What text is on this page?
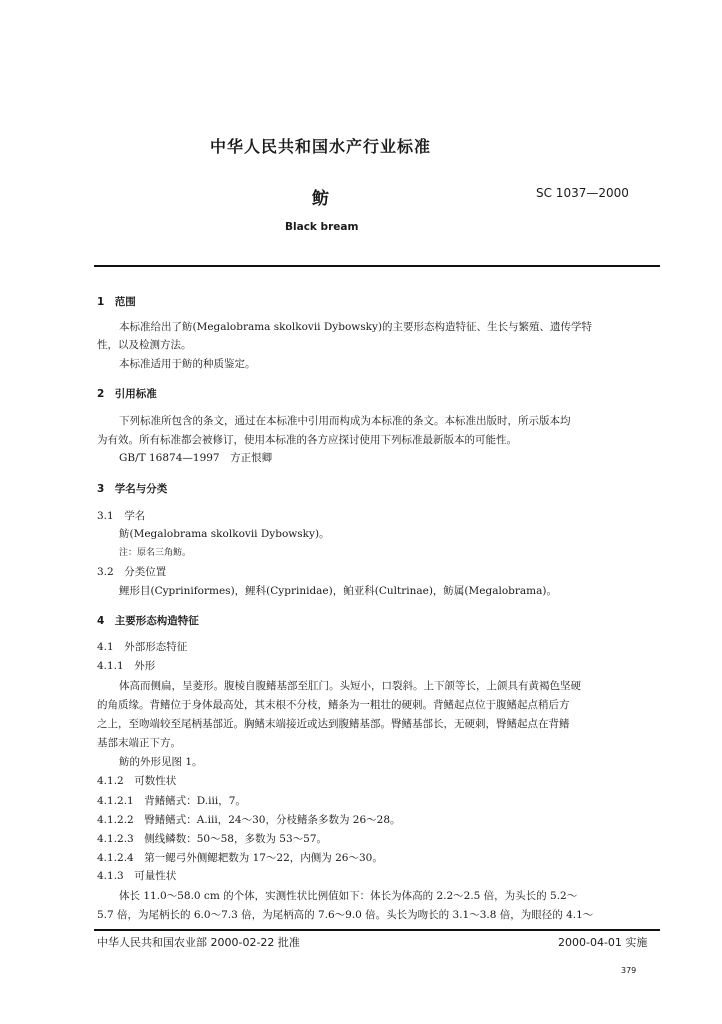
中华人民共和国水产行业标准
鲂	SC 1037—2000
Black bream
1　范围
本标准给出了鲂(Megalobrama skolkovii Dybowsky)的主要形态构造特征、生长与繁殖、遗传学特
性，以及检测方法。
本标准适用于鲂的种质鉴定。
2　引用标准
下列标准所包含的条文，通过在本标准中引用而构成为本标准的条文。本标准出版时，所示版本均
为有效。所有标准都会被修订，使用本标准的各方应探讨使用下列标准最新版本的可能性。
GB/T 16874—1997　方正恨卿
3　学名与分类
3.1　学名
鲂(Megalobrama skolkovii Dybowsky)。
注：原名三角鲂。
3.2　分类位置
鲤形目(Cypriniformes)，鲤科(Cyprinidae)，鲌亚科(Cultrinae)，鲂属(Megalobrama)。
4　主要形态构造特征
4.1　外部形态特征
4.1.1　外形
体高而侧扁，呈菱形。腹棱自腹鳍基部至肛门。头短小，口裂斜。上下颌等长，上颌具有黄褐色坚硬
的角质缘。背鳍位于身体最高处，其末根不分枝，鳍条为一粗壮的硬刺。背鳍起点位于腹鳍起点稍后方
之上，至吻端较至尾柄基部近。胸鳍末端接近或达到腹鳍基部。臀鳍基部长，无硬刺，臀鳍起点在背鳍
基部末端正下方。
鲂的外形见图 1。
4.1.2　可数性状
4.1.2.1　背鳍鳍式：D.iii，7。
4.1.2.2　臀鳍鳍式：A.iii，24～30，分枝鳍条多数为 26～28。
4.1.2.3　侧线鳞数：50～58，多数为 53～57。
4.1.2.4　第一鳃弓外侧鳃耙数为 17～22，内侧为 26～30。
4.1.3　可量性状
体长 11.0～58.0 cm 的个体，实测性状比例值如下：体长为体高的 2.2～2.5 倍，为头长的 5.2～
5.7 倍，为尾柄长的 6.0～7.3 倍，为尾柄高的 7.6～9.0 倍。头长为吻长的 3.1～3.8 倍，为眼径的 4.1～
中华人民共和国农业部 2000-02-22 批准	2000-04-01 实施
379
